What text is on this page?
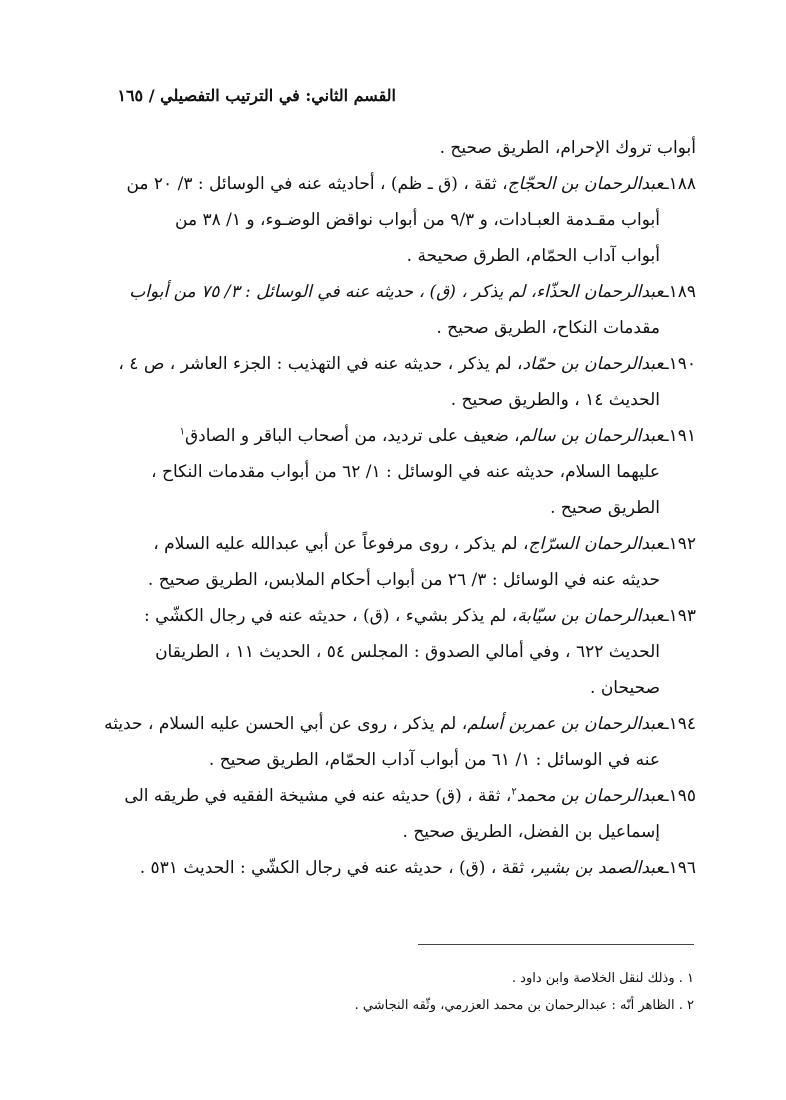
القسم الثاني: في الترتيب التفصيلي / ١٦٥
أبواب تروك الإحرام، الطريق صحيح .
١٨٨ـعبدالرحمان بن الحجّاج، ثقة ، (ق ـ ظم) ، أحاديثه عنه في الوسائل : ٣/ ٢٠ من
أبواب مقـدمة العبـادات، و ٩/٣ من أبواب نواقض الوضـوء، و ١/ ٣٨ من
أبواب آداب الحمّام، الطرق صحيحة .
١٨٩ـعبدالرحمان الحذّاء، لم يذكر ، (ق) ، حديثه عنه في الوسائل : ٣/ ٧٥ من أبواب
مقدمات النكاح، الطريق صحيح .
١٩٠ـعبدالرحمان بن حمّاد، لم يذكر ، حديثه عنه في التهذيب : الجزء العاشر ، ص ٤ ،
الحديث ١٤ ، والطريق صحيح .
١٩١ـعبدالرحمان بن سالم، ضعيف على ترديد، من أصحاب الباقر و الصادق$^١$
عليهما السلام، حديثه عنه في الوسائل : ١/ ٦٢ من أبواب مقدمات النكاح ،
الطريق صحيح .
١٩٢ـعبدالرحمان السرّاج، لم يذكر ، روى مرفوعاً عن أبي عبدالله عليه السلام ،
حديثه عنه في الوسائل : ٣/ ٢٦ من أبواب أحكام الملابس، الطريق صحيح .
١٩٣ـعبدالرحمان بن سيّابة، لم يذكر بشيء ، (ق) ، حديثه عنه في رجال الكشّي :
الحديث ٦٢٢ ، وفي أمالي الصدوق : المجلس ٥٤ ، الحديث ١١ ، الطريقان
صحيحان .
١٩٤ـعبدالرحمان بن عمربن أسلم، لم يذكر ، روى عن أبي الحسن عليه السلام ، حديثه
عنه في الوسائل : ١/ ٦١ من أبواب آداب الحمّام، الطريق صحيح .
١٩٥ـعبدالرحمان بن محمد$^٢$، ثقة ، (ق) حديثه عنه في مشيخة الفقيه في طريقه الى
إسماعيل بن الفضل، الطريق صحيح .
١٩٦ـعبدالصمد بن بشير، ثقة ، (ق) ، حديثه عنه في رجال الكشّي : الحديث ٥٣١ .
١ . وذلك لنقل الخلاصة وابن داود .
٢ . الظاهر أنّه : عبدالرحمان بن محمد العزرمي، وثّقه النجاشي .
